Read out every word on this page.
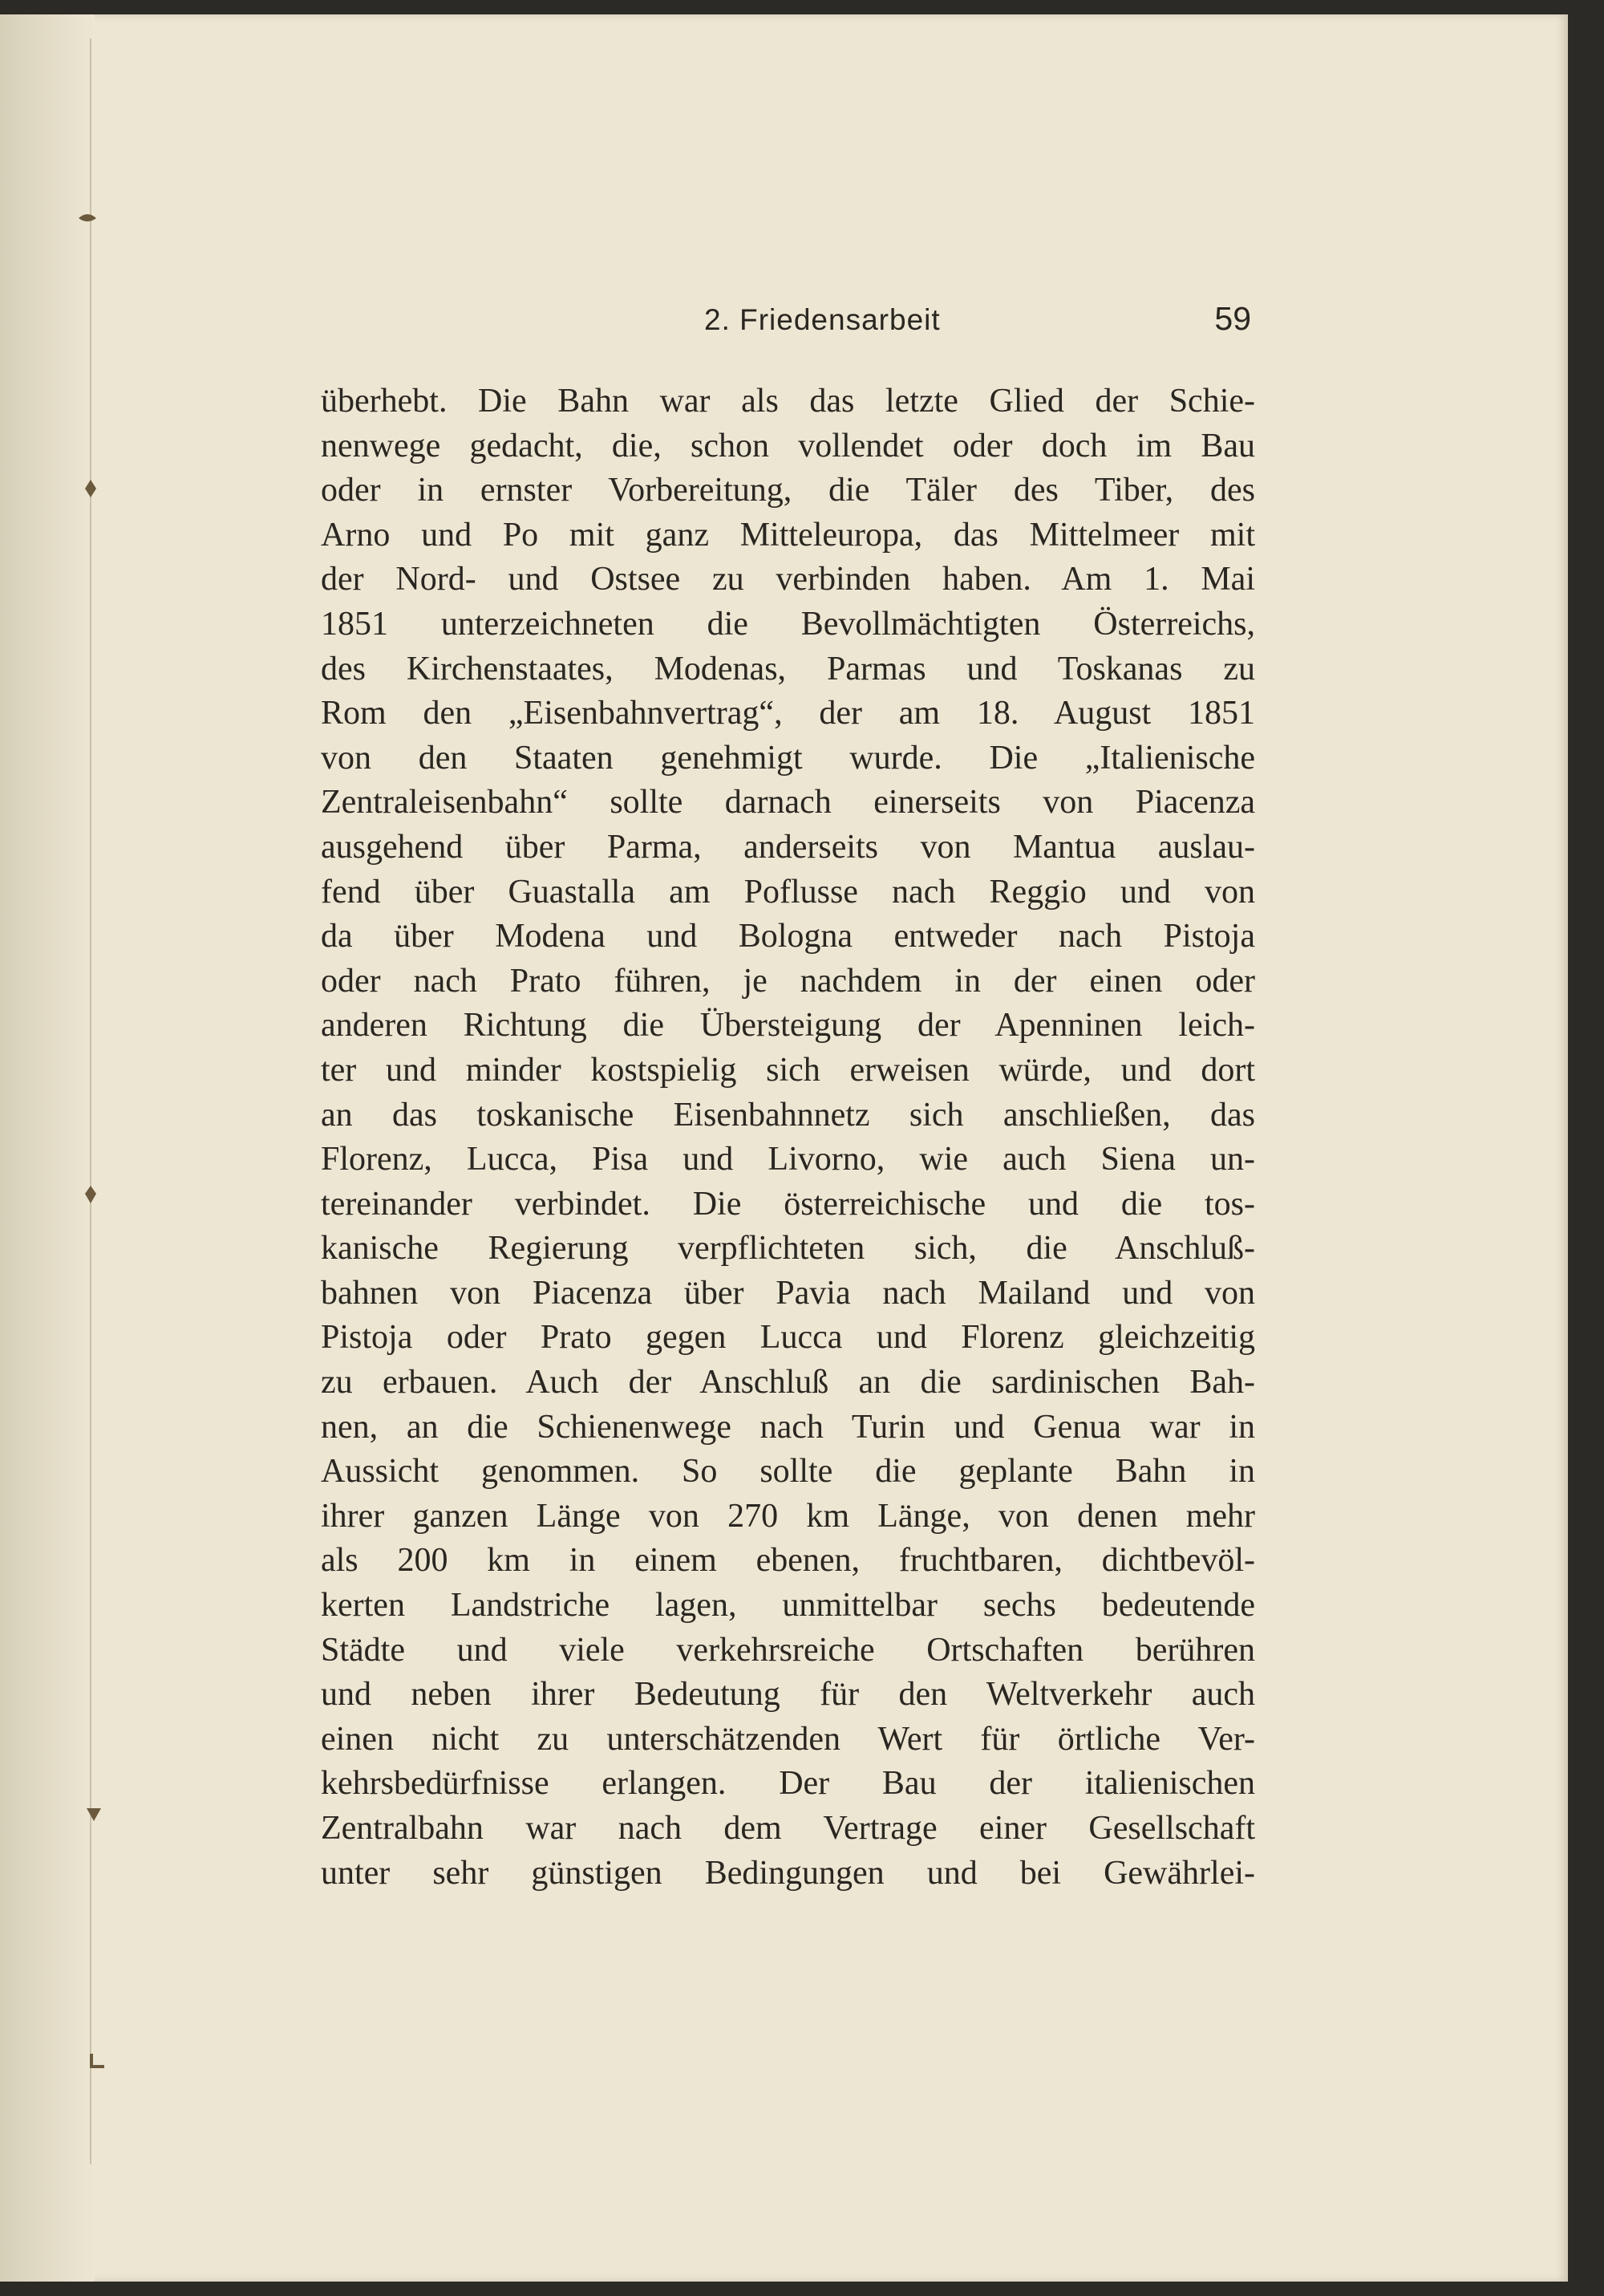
2. Friedensarbeit	59
überhebt. Die Bahn war als das letzte Glied der Schie-
nenwege gedacht, die, schon vollendet oder doch im Bau
oder in ernster Vorbereitung, die Täler des Tiber, des
Arno und Po mit ganz Mitteleuropa, das Mittelmeer mit
der Nord- und Ostsee zu verbinden haben. Am 1. Mai
1851 unterzeichneten die Bevollmächtigten Österreichs,
des Kirchenstaates, Modenas, Parmas und Toskanas zu
Rom den „Eisenbahnvertrag“, der am 18. August 1851
von den Staaten genehmigt wurde. Die „Italienische
Zentraleisenbahn“ sollte darnach einerseits von Piacenza
ausgehend über Parma, anderseits von Mantua auslau-
fend über Guastalla am Poflusse nach Reggio und von
da über Modena und Bologna entweder nach Pistoja
oder nach Prato führen, je nachdem in der einen oder
anderen Richtung die Übersteigung der Apenninen leich-
ter und minder kostspielig sich erweisen würde, und dort
an das toskanische Eisenbahnnetz sich anschließen, das
Florenz, Lucca, Pisa und Livorno, wie auch Siena un-
tereinander verbindet. Die österreichische und die tos-
kanische Regierung verpflichteten sich, die Anschluß-
bahnen von Piacenza über Pavia nach Mailand und von
Pistoja oder Prato gegen Lucca und Florenz gleichzeitig
zu erbauen. Auch der Anschluß an die sardinischen Bah-
nen, an die Schienenwege nach Turin und Genua war in
Aussicht genommen. So sollte die geplante Bahn in
ihrer ganzen Länge von 270 km Länge, von denen mehr
als 200 km in einem ebenen, fruchtbaren, dichtbevöl-
kerten Landstriche lagen, unmittelbar sechs bedeutende
Städte und viele verkehrsreiche Ortschaften berühren
und neben ihrer Bedeutung für den Weltverkehr auch
einen nicht zu unterschätzenden Wert für örtliche Ver-
kehrsbedürfnisse erlangen. Der Bau der italienischen
Zentralbahn war nach dem Vertrage einer Gesellschaft
unter sehr günstigen Bedingungen und bei Gewährlei-
